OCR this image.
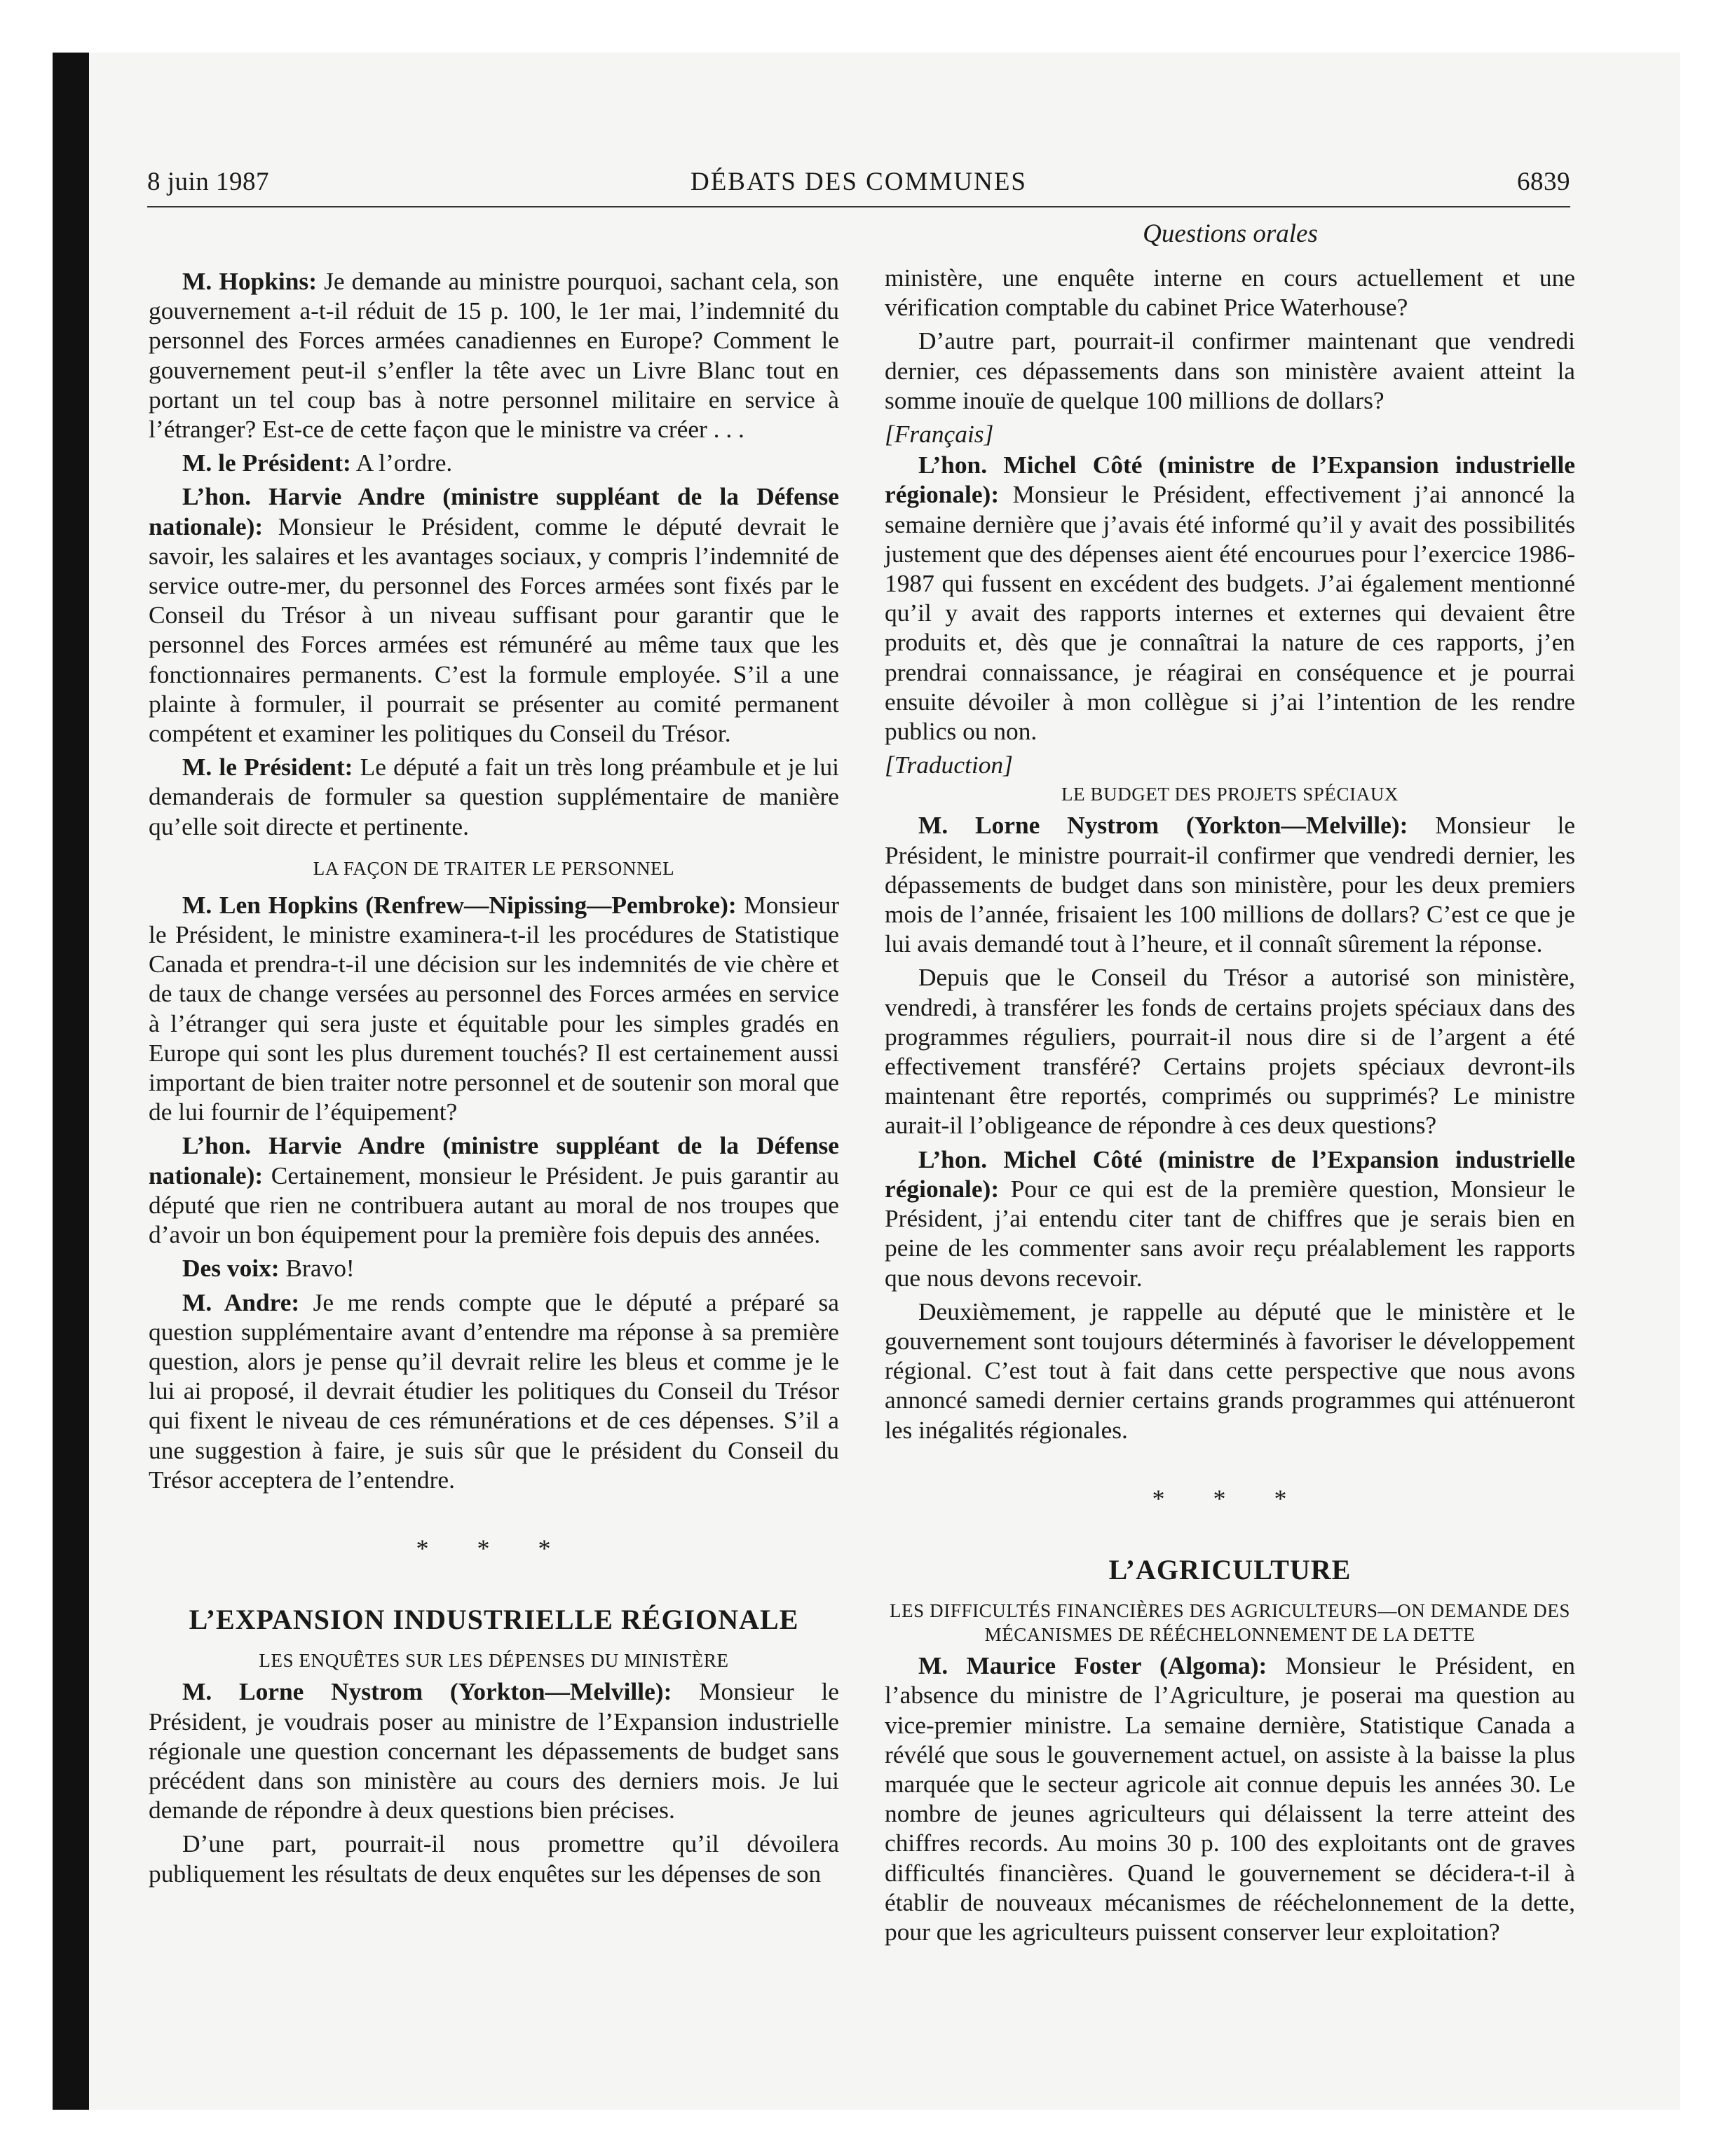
8 juin 1987	DÉBATS DES COMMUNES	6839
Questions orales

M. Hopkins: Je demande au ministre pourquoi, sachant cela, son gouvernement a-t-il réduit de 15 p. 100, le 1er mai, l’indemnité du personnel des Forces armées canadiennes en Europe? Comment le gouvernement peut-il s’enfler la tête avec un Livre Blanc tout en portant un tel coup bas à notre personnel militaire en service à l’étranger? Est-ce de cette façon que le ministre va créer . . .

M. le Président: A l’ordre.

L’hon. Harvie Andre (ministre suppléant de la Défense nationale): Monsieur le Président, comme le député devrait le savoir, les salaires et les avantages sociaux, y compris l’indemnité de service outre-mer, du personnel des Forces armées sont fixés par le Conseil du Trésor à un niveau suffisant pour garantir que le personnel des Forces armées est rémunéré au même taux que les fonctionnaires permanents. C’est la formule employée. S’il a une plainte à formuler, il pourrait se présenter au comité permanent compétent et examiner les politiques du Conseil du Trésor.

M. le Président: Le député a fait un très long préambule et je lui demanderais de formuler sa question supplémentaire de manière qu’elle soit directe et pertinente.

LA FAÇON DE TRAITER LE PERSONNEL

M. Len Hopkins (Renfrew—Nipissing—Pembroke): Monsieur le Président, le ministre examinera-t-il les procédures de Statistique Canada et prendra-t-il une décision sur les indemnités de vie chère et de taux de change versées au personnel des Forces armées en service à l’étranger qui sera juste et équitable pour les simples gradés en Europe qui sont les plus durement touchés? Il est certainement aussi important de bien traiter notre personnel et de soutenir son moral que de lui fournir de l’équipement?

L’hon. Harvie Andre (ministre suppléant de la Défense nationale): Certainement, monsieur le Président. Je puis garantir au député que rien ne contribuera autant au moral de nos troupes que d’avoir un bon équipement pour la première fois depuis des années.

Des voix: Bravo!

M. Andre: Je me rends compte que le député a préparé sa question supplémentaire avant d’entendre ma réponse à sa première question, alors je pense qu’il devrait relire les bleus et comme je le lui ai proposé, il devrait étudier les politiques du Conseil du Trésor qui fixent le niveau de ces rémunérations et de ces dépenses. S’il a une suggestion à faire, je suis sûr que le président du Conseil du Trésor acceptera de l’entendre.

* * *
L’EXPANSION INDUSTRIELLE RÉGIONALE
LES ENQUÊTES SUR LES DÉPENSES DU MINISTÈRE

M. Lorne Nystrom (Yorkton—Melville): Monsieur le Président, je voudrais poser au ministre de l’Expansion industrielle régionale une question concernant les dépassements de budget sans précédent dans son ministère au cours des derniers mois. Je lui demande de répondre à deux questions bien précises.

D’une part, pourrait-il nous promettre qu’il dévoilera publiquement les résultats de deux enquêtes sur les dépenses de son

ministère, une enquête interne en cours actuellement et une vérification comptable du cabinet Price Waterhouse?

D’autre part, pourrait-il confirmer maintenant que vendredi dernier, ces dépassements dans son ministère avaient atteint la somme inouïe de quelque 100 millions de dollars?

[Français]

L’hon. Michel Côté (ministre de l’Expansion industrielle régionale): Monsieur le Président, effectivement j’ai annoncé la semaine dernière que j’avais été informé qu’il y avait des possibilités justement que des dépenses aient été encourues pour l’exercice 1986-1987 qui fussent en excédent des budgets. J’ai également mentionné qu’il y avait des rapports internes et externes qui devaient être produits et, dès que je connaîtrai la nature de ces rapports, j’en prendrai connaissance, je réagirai en conséquence et je pourrai ensuite dévoiler à mon collègue si j’ai l’intention de les rendre publics ou non.

[Traduction]

LE BUDGET DES PROJETS SPÉCIAUX

M. Lorne Nystrom (Yorkton—Melville): Monsieur le Président, le ministre pourrait-il confirmer que vendredi dernier, les dépassements de budget dans son ministère, pour les deux premiers mois de l’année, frisaient les 100 millions de dollars? C’est ce que je lui avais demandé tout à l’heure, et il connaît sûrement la réponse.

Depuis que le Conseil du Trésor a autorisé son ministère, vendredi, à transférer les fonds de certains projets spéciaux dans des programmes réguliers, pourrait-il nous dire si de l’argent a été effectivement transféré? Certains projets spéciaux devront-ils maintenant être reportés, comprimés ou supprimés? Le ministre aurait-il l’obligeance de répondre à ces deux questions?

L’hon. Michel Côté (ministre de l’Expansion industrielle régionale): Pour ce qui est de la première question, Monsieur le Président, j’ai entendu citer tant de chiffres que je serais bien en peine de les commenter sans avoir reçu préalablement les rapports que nous devons recevoir.

Deuxièmement, je rappelle au député que le ministère et le gouvernement sont toujours déterminés à favoriser le développement régional. C’est tout à fait dans cette perspective que nous avons annoncé samedi dernier certains grands programmes qui atténueront les inégalités régionales.

* * *
L’AGRICULTURE
LES DIFFICULTÉS FINANCIÈRES DES AGRICULTEURS—ON DEMANDE DES MÉCANISMES DE RÉÉCHELONNEMENT DE LA DETTE

M. Maurice Foster (Algoma): Monsieur le Président, en l’absence du ministre de l’Agriculture, je poserai ma question au vice-premier ministre. La semaine dernière, Statistique Canada a révélé que sous le gouvernement actuel, on assiste à la baisse la plus marquée que le secteur agricole ait connue depuis les années 30. Le nombre de jeunes agriculteurs qui délaissent la terre atteint des chiffres records. Au moins 30 p. 100 des exploitants ont de graves difficultés financières. Quand le gouvernement se décidera-t-il à établir de nouveaux mécanismes de rééchelonnement de la dette, pour que les agriculteurs puissent conserver leur exploitation?
